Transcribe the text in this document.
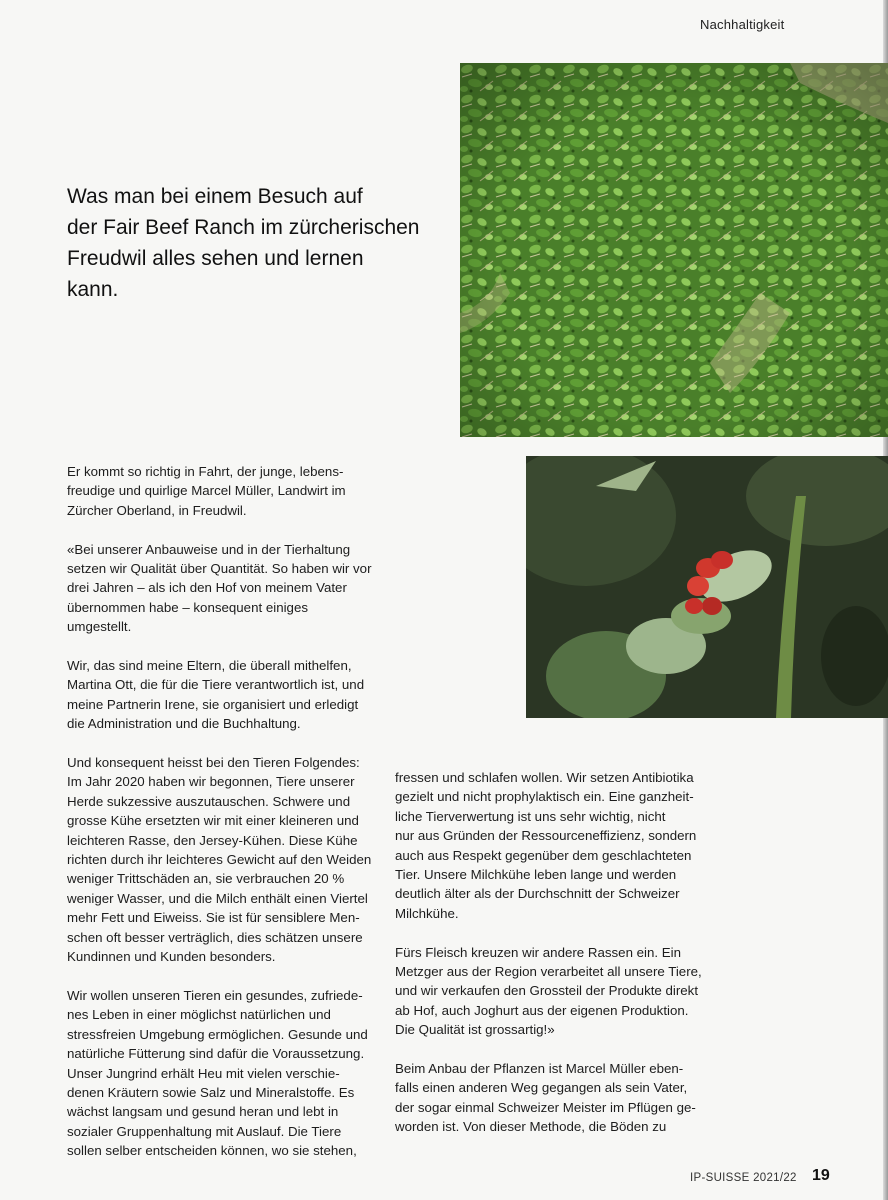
Nachhaltigkeit
Was man bei einem Besuch auf
der Fair Beef Ranch im zürcherischen
Freudwil alles sehen und lernen
kann.

Er kommt so richtig in Fahrt, der junge, lebens-
freudige und quirlige Marcel Müller, Landwirt im
Zürcher Oberland, in Freudwil.

«Bei unserer Anbauweise und in der Tierhaltung
setzen wir Qualität über Quantität. So haben wir vor
drei Jahren – als ich den Hof von meinem Vater
übernommen habe – konsequent einiges umgestellt.

Wir, das sind meine Eltern, die überall mithelfen,
Martina Ott, die für die Tiere verantwortlich ist, und
meine Partnerin Irene, sie organisiert und erledigt
die Administration und die Buchhaltung.

Und konsequent heisst bei den Tieren Folgendes:
Im Jahr 2020 haben wir begonnen, Tiere unserer
Herde sukzessive auszutauschen. Schwere und
grosse Kühe ersetzten wir mit einer kleineren und
leichteren Rasse, den Jersey-Kühen. Diese Kühe
richten durch ihr leichteres Gewicht auf den Weiden
weniger Trittschäden an, sie verbrauchen 20 %
weniger Wasser, und die Milch enthält einen Viertel
mehr Fett und Eiweiss. Sie ist für sensiblere Men-
schen oft besser verträglich, dies schätzen unsere
Kundinnen und Kunden besonders.

Wir wollen unseren Tieren ein gesundes, zufriede-
nes Leben in einer möglichst natürlichen und
stressfreien Umgebung ermöglichen. Gesunde und
natürliche Fütterung sind dafür die Voraussetzung.
Unser Jungrind erhält Heu mit vielen verschie-
denen Kräutern sowie Salz und Mineralstoffe. Es
wächst langsam und gesund heran und lebt in
sozialer Gruppenhaltung mit Auslauf. Die Tiere
sollen selber entscheiden können, wo sie stehen,

fressen und schlafen wollen. Wir setzen Antibiotika
gezielt und nicht prophylaktisch ein. Eine ganzheit-
liche Tierverwertung ist uns sehr wichtig, nicht
nur aus Gründen der Ressourceneffizienz, sondern
auch aus Respekt gegenüber dem geschlachteten
Tier. Unsere Milchkühe leben lange und werden
deutlich älter als der Durchschnitt der Schweizer
Milchkühe.

Fürs Fleisch kreuzen wir andere Rassen ein. Ein
Metzger aus der Region verarbeitet all unsere Tiere,
und wir verkaufen den Grossteil der Produkte direkt
ab Hof, auch Joghurt aus der eigenen Produktion.
Die Qualität ist grossartig!»

Beim Anbau der Pflanzen ist Marcel Müller eben-
falls einen anderen Weg gegangen als sein Vater,
der sogar einmal Schweizer Meister im Pflügen ge-
worden ist. Von dieser Methode, die Böden zu

IP-SUISSE 2021/22 19
